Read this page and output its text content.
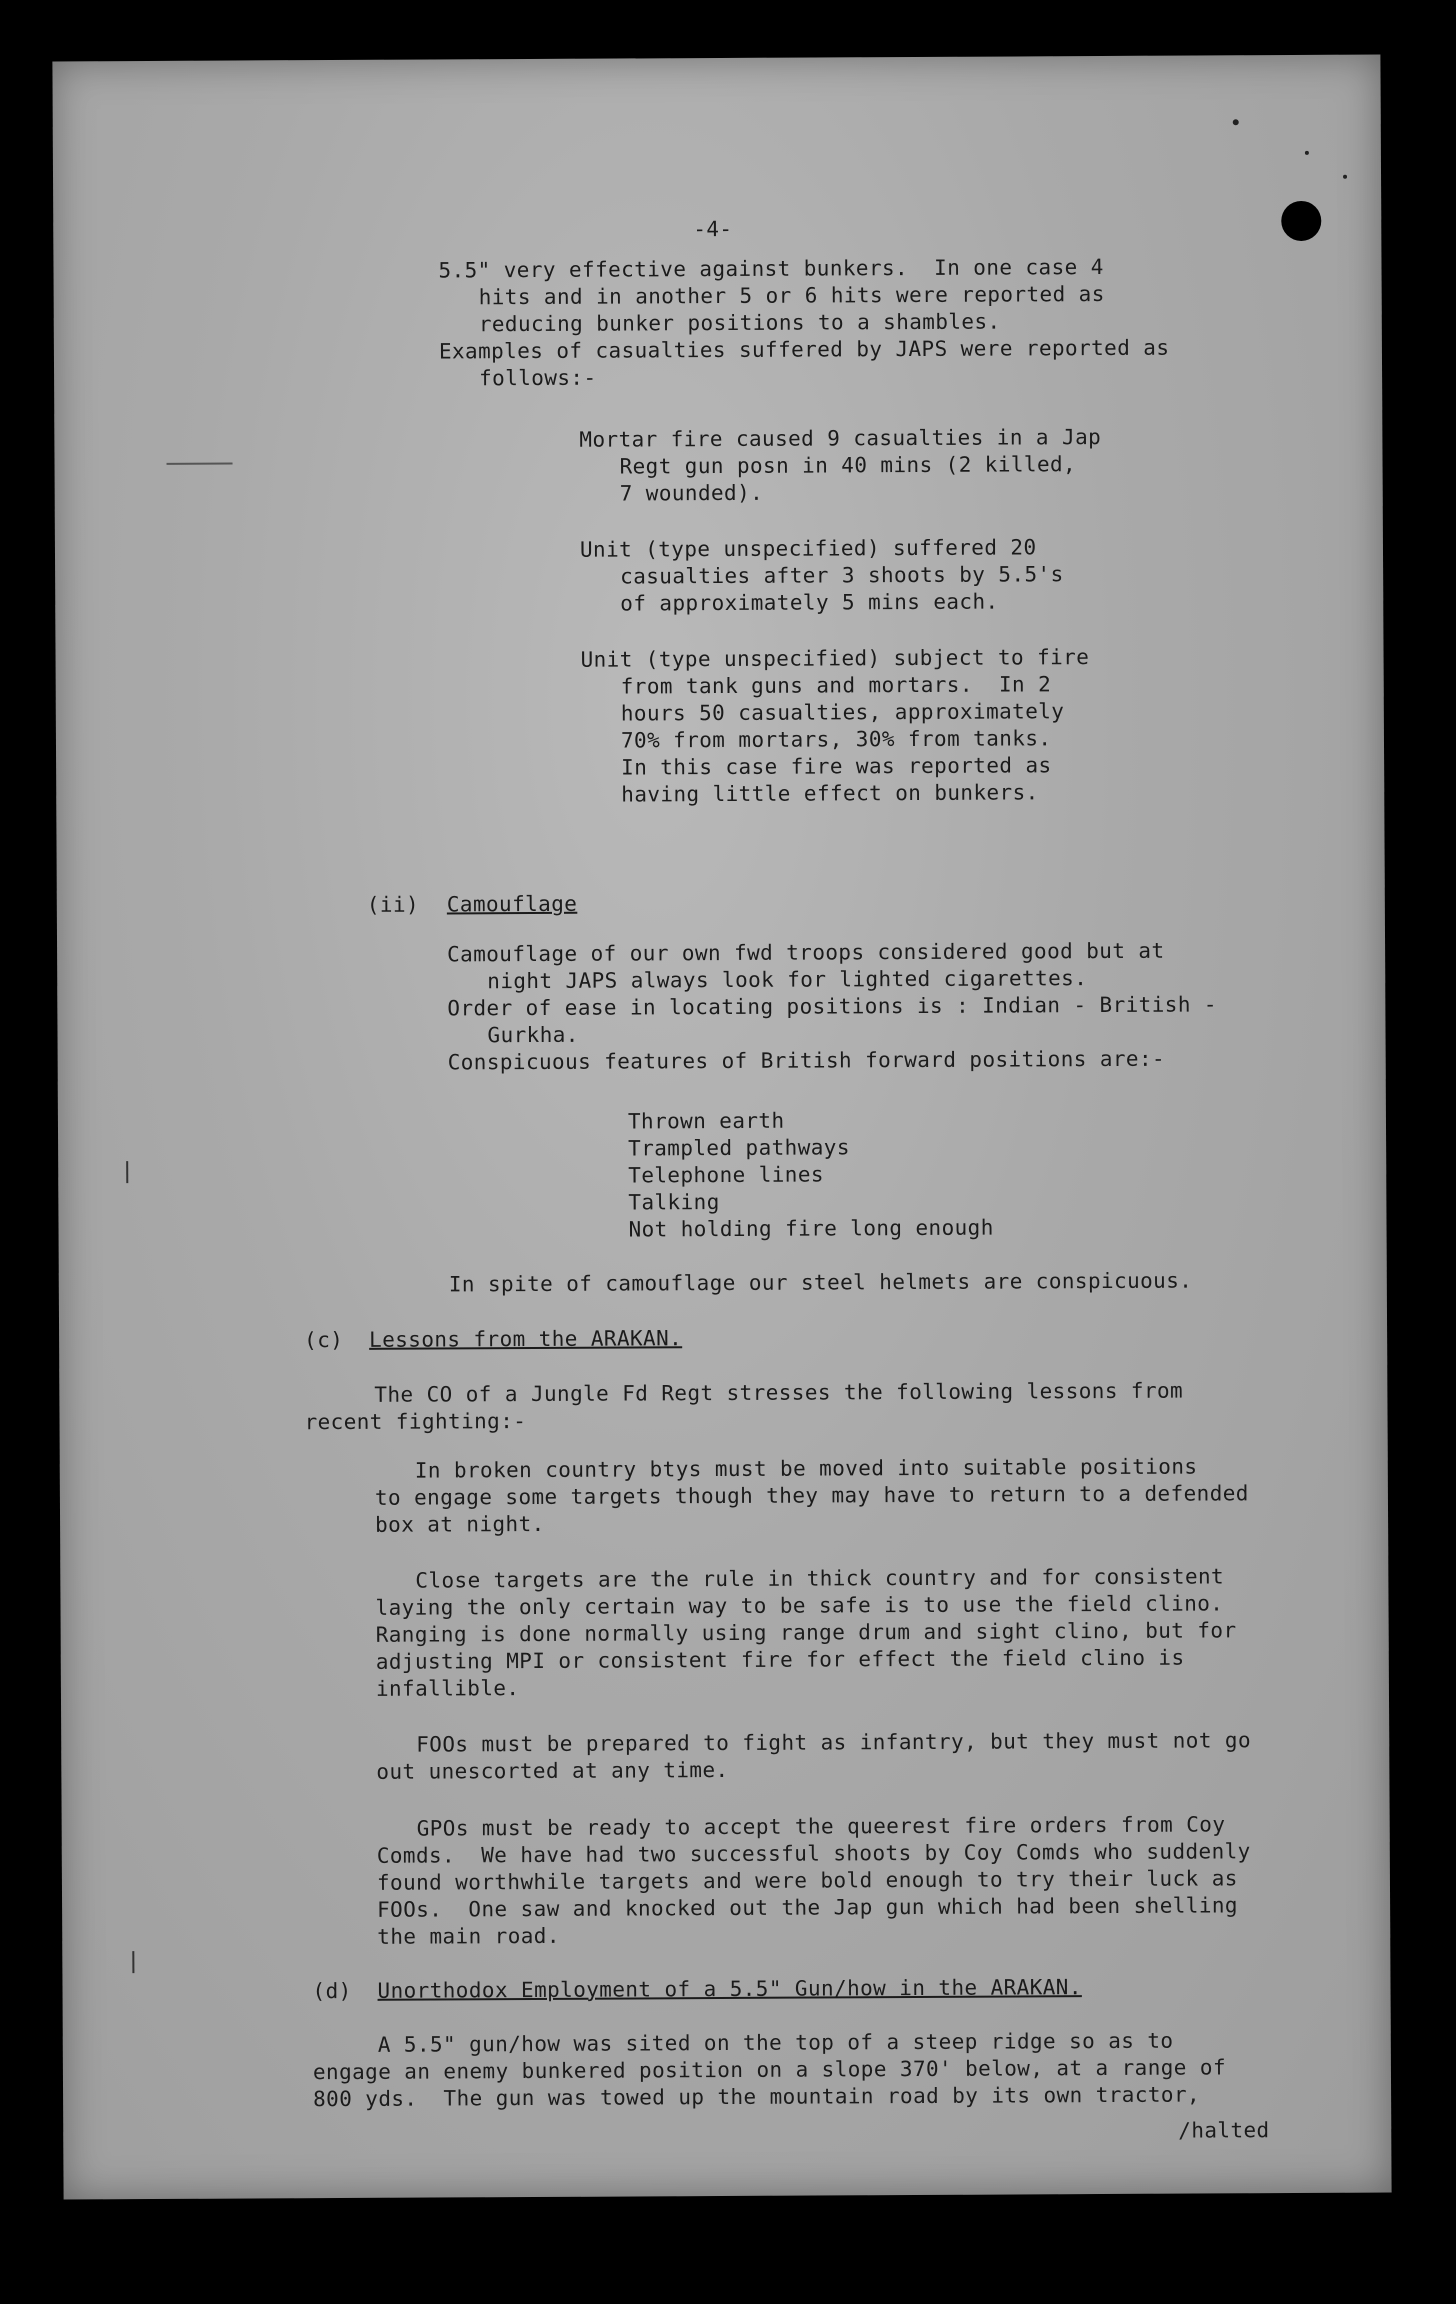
-4-
5.5" very effective against bunkers.  In one case 4
hits and in another 5 or 6 hits were reported as
reducing bunker positions to a shambles.
Examples of casualties suffered by JAPS were reported as
follows:-
Mortar fire caused 9 casualties in a Jap
Regt gun posn in 40 mins (2 killed,
7 wounded).
Unit (type unspecified) suffered 20
casualties after 3 shoots by 5.5's
of approximately 5 mins each.
Unit (type unspecified) subject to fire
from tank guns and mortars.  In 2
hours 50 casualties, approximately
70% from mortars, 30% from tanks.
In this case fire was reported as
having little effect on bunkers.
(ii) Camouflage
Camouflage of our own fwd troops considered good but at
night JAPS always look for lighted cigarettes.
Order of ease in locating positions is : Indian - British -
Gurkha.
Conspicuous features of British forward positions are:-
Thrown earth
Trampled pathways
Telephone lines
Talking
Not holding fire long enough
In spite of camouflage our steel helmets are conspicuous.
(c) Lessons from the ARAKAN.
The CO of a Jungle Fd Regt stresses the following lessons from
recent fighting:-
In broken country btys must be moved into suitable positions
to engage some targets though they may have to return to a defended
box at night.
Close targets are the rule in thick country and for consistent
laying the only certain way to be safe is to use the field clino.
Ranging is done normally using range drum and sight clino, but for
adjusting MPI or consistent fire for effect the field clino is
infallible.
FOOs must be prepared to fight as infantry, but they must not go
out unescorted at any time.
GPOs must be ready to accept the queerest fire orders from Coy
Comds.  We have had two successful shoots by Coy Comds who suddenly
found worthwhile targets and were bold enough to try their luck as
FOOs.  One saw and knocked out the Jap gun which had been shelling
the main road.
(d) Unorthodox Employment of a 5.5" Gun/how in the ARAKAN.
A 5.5" gun/how was sited on the top of a steep ridge so as to
engage an enemy bunkered position on a slope 370' below, at a range of
800 yds.  The gun was towed up the mountain road by its own tractor,
/halted
